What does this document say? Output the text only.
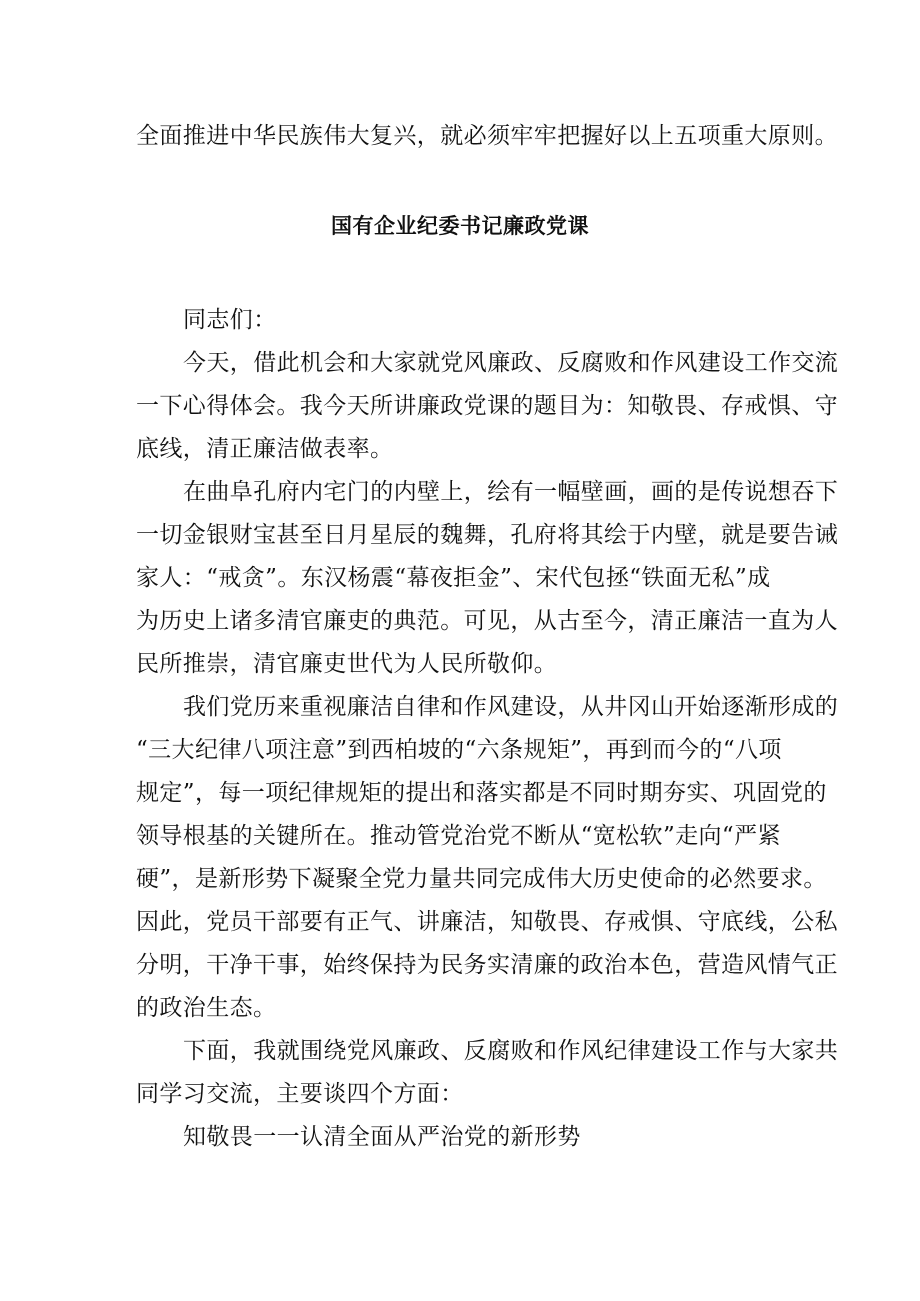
全面推进中华民族伟大复兴，就必须牢牢把握好以上五项重大原则。
国有企业纪委书记廉政党课
同志们：
今天，借此机会和大家就党风廉政、反腐败和作风建设工作交流
一下心得体会。我今天所讲廉政党课的题目为：知敬畏、存戒惧、守
底线，清正廉洁做表率。
在曲阜孔府内宅门的内壁上，绘有一幅壁画，画的是传说想吞下
一切金银财宝甚至日月星辰的魏舞，孔府将其绘于内壁，就是要告诫
家人：“戒贪”。东汉杨震“幕夜拒金”、宋代包拯“铁面无私”成
为历史上诸多清官廉吏的典范。可见，从古至今，清正廉洁一直为人
民所推崇，清官廉吏世代为人民所敬仰。
我们党历来重视廉洁自律和作风建设，从井冈山开始逐渐形成的
“三大纪律八项注意”到西柏坡的“六条规矩”，再到而今的“八项
规定”，每一项纪律规矩的提出和落实都是不同时期夯实、巩固党的
领导根基的关键所在。推动管党治党不断从“宽松软”走向“严紧
硬”，是新形势下凝聚全党力量共同完成伟大历史使命的必然要求。
因此，党员干部要有正气、讲廉洁，知敬畏、存戒惧、守底线，公私
分明，干净干事，始终保持为民务实清廉的政治本色，营造风情气正
的政治生态。
下面，我就围绕党风廉政、反腐败和作风纪律建设工作与大家共
同学习交流，主要谈四个方面：
知敬畏一一认清全面从严治党的新形势
